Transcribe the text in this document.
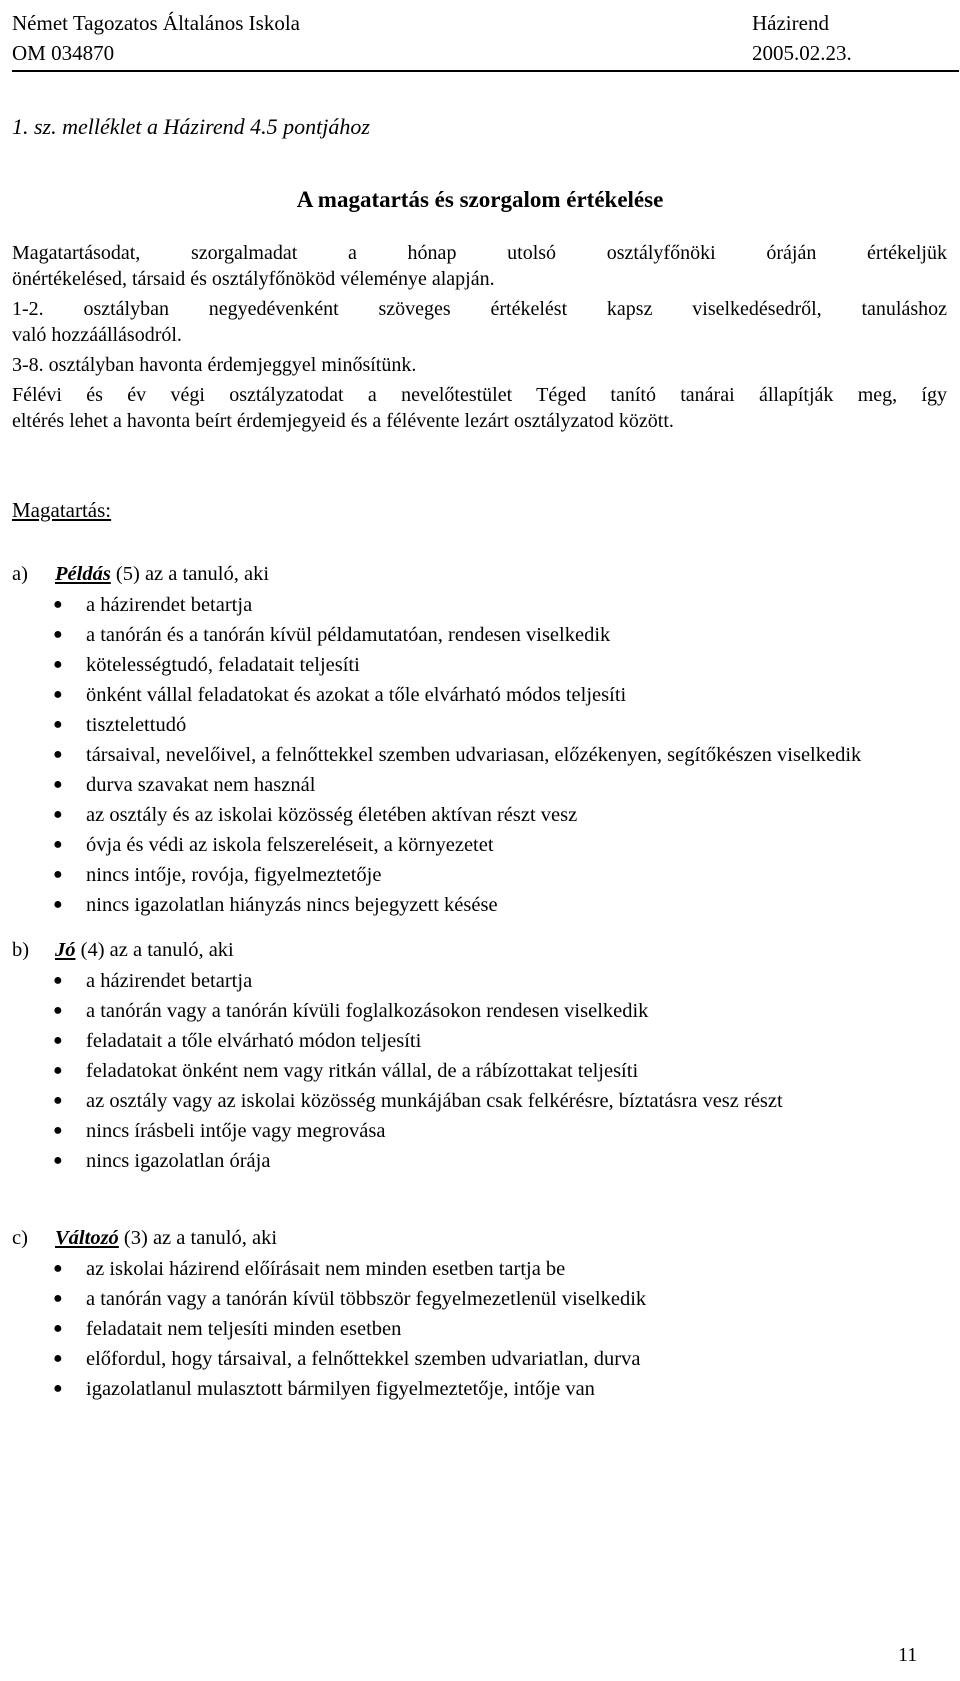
Német Tagozatos Általános Iskola	Házirend
OM 034870	2005.02.23.
1. sz. melléklet a Házirend 4.5 pontjához
A magatartás és szorgalom értékelése
Magatartásodat, szorgalmadat a hónap utolsó osztályfőnöki óráján értékeljük
önértékelésed, társaid és osztályfőnököd véleménye alapján.
1-2. osztályban negyedévenként szöveges értékelést kapsz viselkedésedről, tanuláshoz
való hozzáállásodról.
3-8. osztályban havonta érdemjeggyel minősítünk.
Félévi és év végi osztályzatodat a nevelőtestület Téged tanító tanárai állapítják meg, így
eltérés lehet a havonta beírt érdemjegyeid és a félévente lezárt osztályzatod között.
Magatartás:
a) Példás (5) az a tanuló, aki
● a házirendet betartja
● a tanórán és a tanórán kívül példamutatóan, rendesen viselkedik
● kötelességtudó, feladatait teljesíti
● önként vállal feladatokat és azokat a tőle elvárható módos teljesíti
● tisztelettudó
● társaival, nevelőivel, a felnőttekkel szemben udvariasan, előzékenyen, segítőkészen viselkedik
● durva szavakat nem használ
● az osztály és az iskolai közösség életében aktívan részt vesz
● óvja és védi az iskola felszereléseit, a környezetet
● nincs intője, rovója, figyelmeztetője
● nincs igazolatlan hiányzás nincs bejegyzett késése
b) Jó (4) az a tanuló, aki
● a házirendet betartja
● a tanórán vagy a tanórán kívüli foglalkozásokon rendesen viselkedik
● feladatait a tőle elvárható módon teljesíti
● feladatokat önként nem vagy ritkán vállal, de a rábízottakat teljesíti
● az osztály vagy az iskolai közösség munkájában csak felkérésre, bíztatásra vesz részt
● nincs írásbeli intője vagy megrovása
● nincs igazolatlan órája
c) Változó (3) az a tanuló, aki
● az iskolai házirend előírásait nem minden esetben tartja be
● a tanórán vagy a tanórán kívül többször fegyelmezetlenül viselkedik
● feladatait nem teljesíti minden esetben
● előfordul, hogy társaival, a felnőttekkel szemben udvariatlan, durva
● igazolatlanul mulasztott bármilyen figyelmeztetője, intője van
11
